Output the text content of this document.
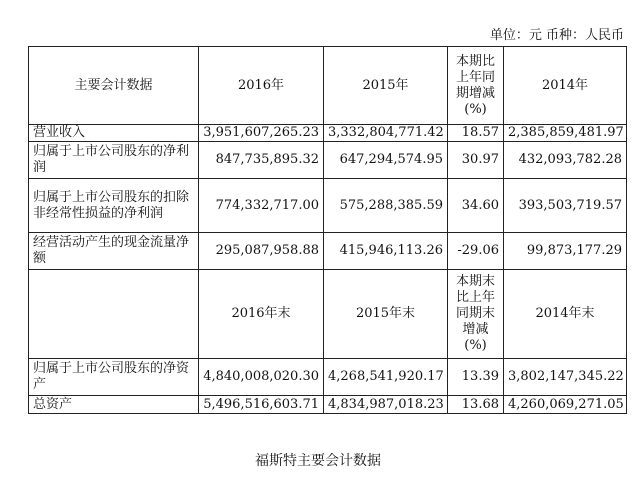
单位：元 币种：人民币
主要会计数据	2016年	2015年	本期比上年同期增减(%)	2014年
营业收入	3,951,607,265.23	3,332,804,771.42	18.57	2,385,859,481.97
归属于上市公司股东的净利润	847,735,895.32	647,294,574.95	30.97	432,093,782.28
归属于上市公司股东的扣除非经常性损益的净利润	774,332,717.00	575,288,385.59	34.60	393,503,719.57
经营活动产生的现金流量净额	295,087,958.88	415,946,113.26	-29.06	99,873,177.29
	2016年末	2015年末	本期末比上年同期末增减(%)	2014年末
归属于上市公司股东的净资产	4,840,008,020.30	4,268,541,920.17	13.39	3,802,147,345.22
总资产	5,496,516,603.71	4,834,987,018.23	13.68	4,260,069,271.05
福斯特主要会计数据
